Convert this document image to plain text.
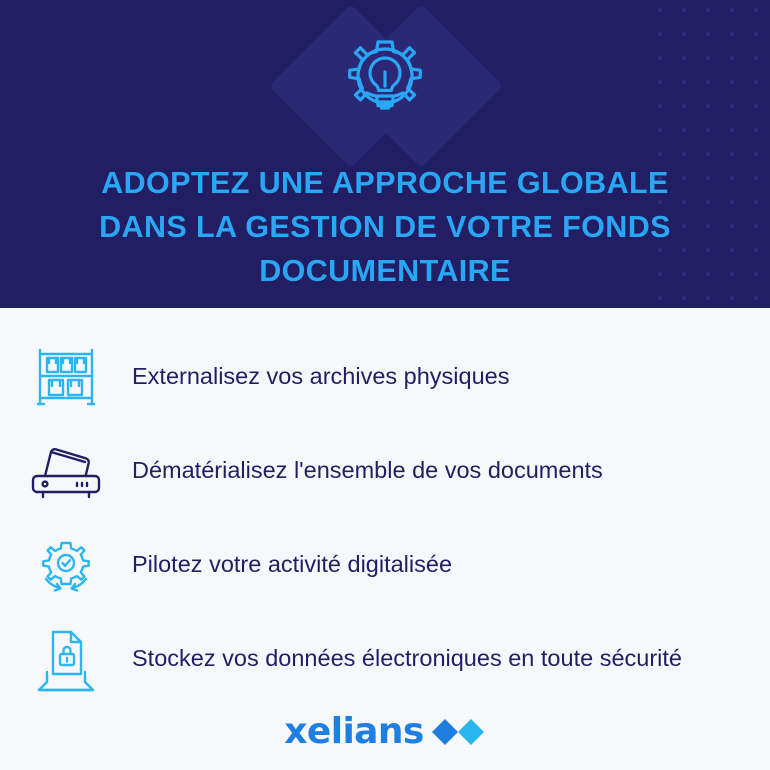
ADOPTEZ UNE APPROCHE GLOBALE
DANS LA GESTION DE VOTRE FONDS
DOCUMENTAIRE
Externalisez vos archives physiques
Dématérialisez l'ensemble de vos documents
Pilotez votre activité digitalisée
Stockez vos données électroniques en toute sécurité
xelians
